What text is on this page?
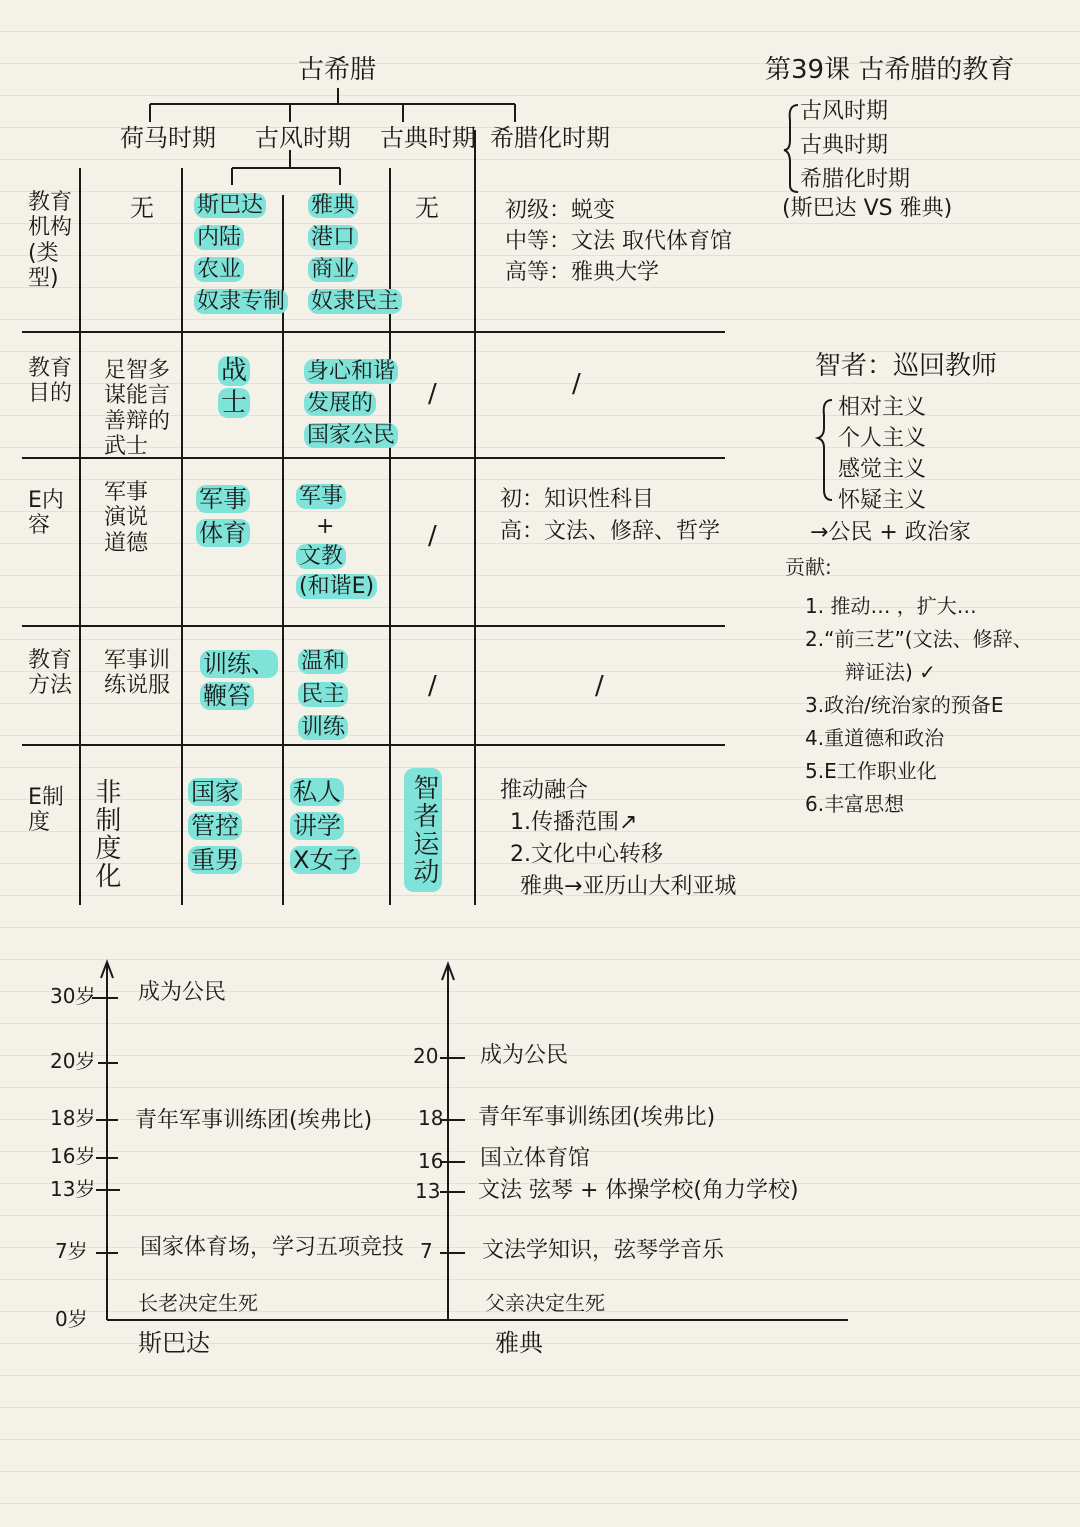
古希腊
荷马时期 古风时期 古典时期 希腊化时期
教育机构(类型)
教育目的
E内容
教育方法
E制度
无
足智多谋能言善辩的武士
军事演说道德
军事训练说服
非制度化
斯巴达
内陆
农业
奴隶专制
战
士
军事
体育
训练、
鞭笞
国家
管控
重男
雅典
港口
商业
奴隶民主
身心和谐
发展的
国家公民
军事
+
文教
(和谐E)
温和
民主
训练
私人
讲学
X女子
无
/
/
/
智者运动
初级：蜕变
中等：文法 取代体育馆
高等：雅典大学
/
初：知识性科目
高：文法、修辞、哲学
/
推动融合
1.传播范围↗
2.文化中心转移
雅典→亚历山大利亚城
第39课 古希腊的教育
古风时期
古典时期
希腊化时期
(斯巴达 VS 雅典)
智者：巡回教师
相对主义
个人主义
感觉主义
怀疑主义
→公民 + 政治家
贡献:
1. 推动… ，扩大…
2.“前三艺”(文法、修辞、
辩证法) ✓
3.政治/统治家的预备E
4.重道德和政治
5.E工作职业化
6.丰富思想
30岁
20岁
18岁
16岁
13岁
7岁
0岁
成为公民
青年军事训练团(埃弗比)
国家体育场，学习五项竞技
长老决定生死
斯巴达
20
18
16
13
7
成为公民
青年军事训练团(埃弗比)
国立体育馆
文法 弦琴 + 体操学校(角力学校)
文法学知识，弦琴学音乐
父亲决定生死
雅典
